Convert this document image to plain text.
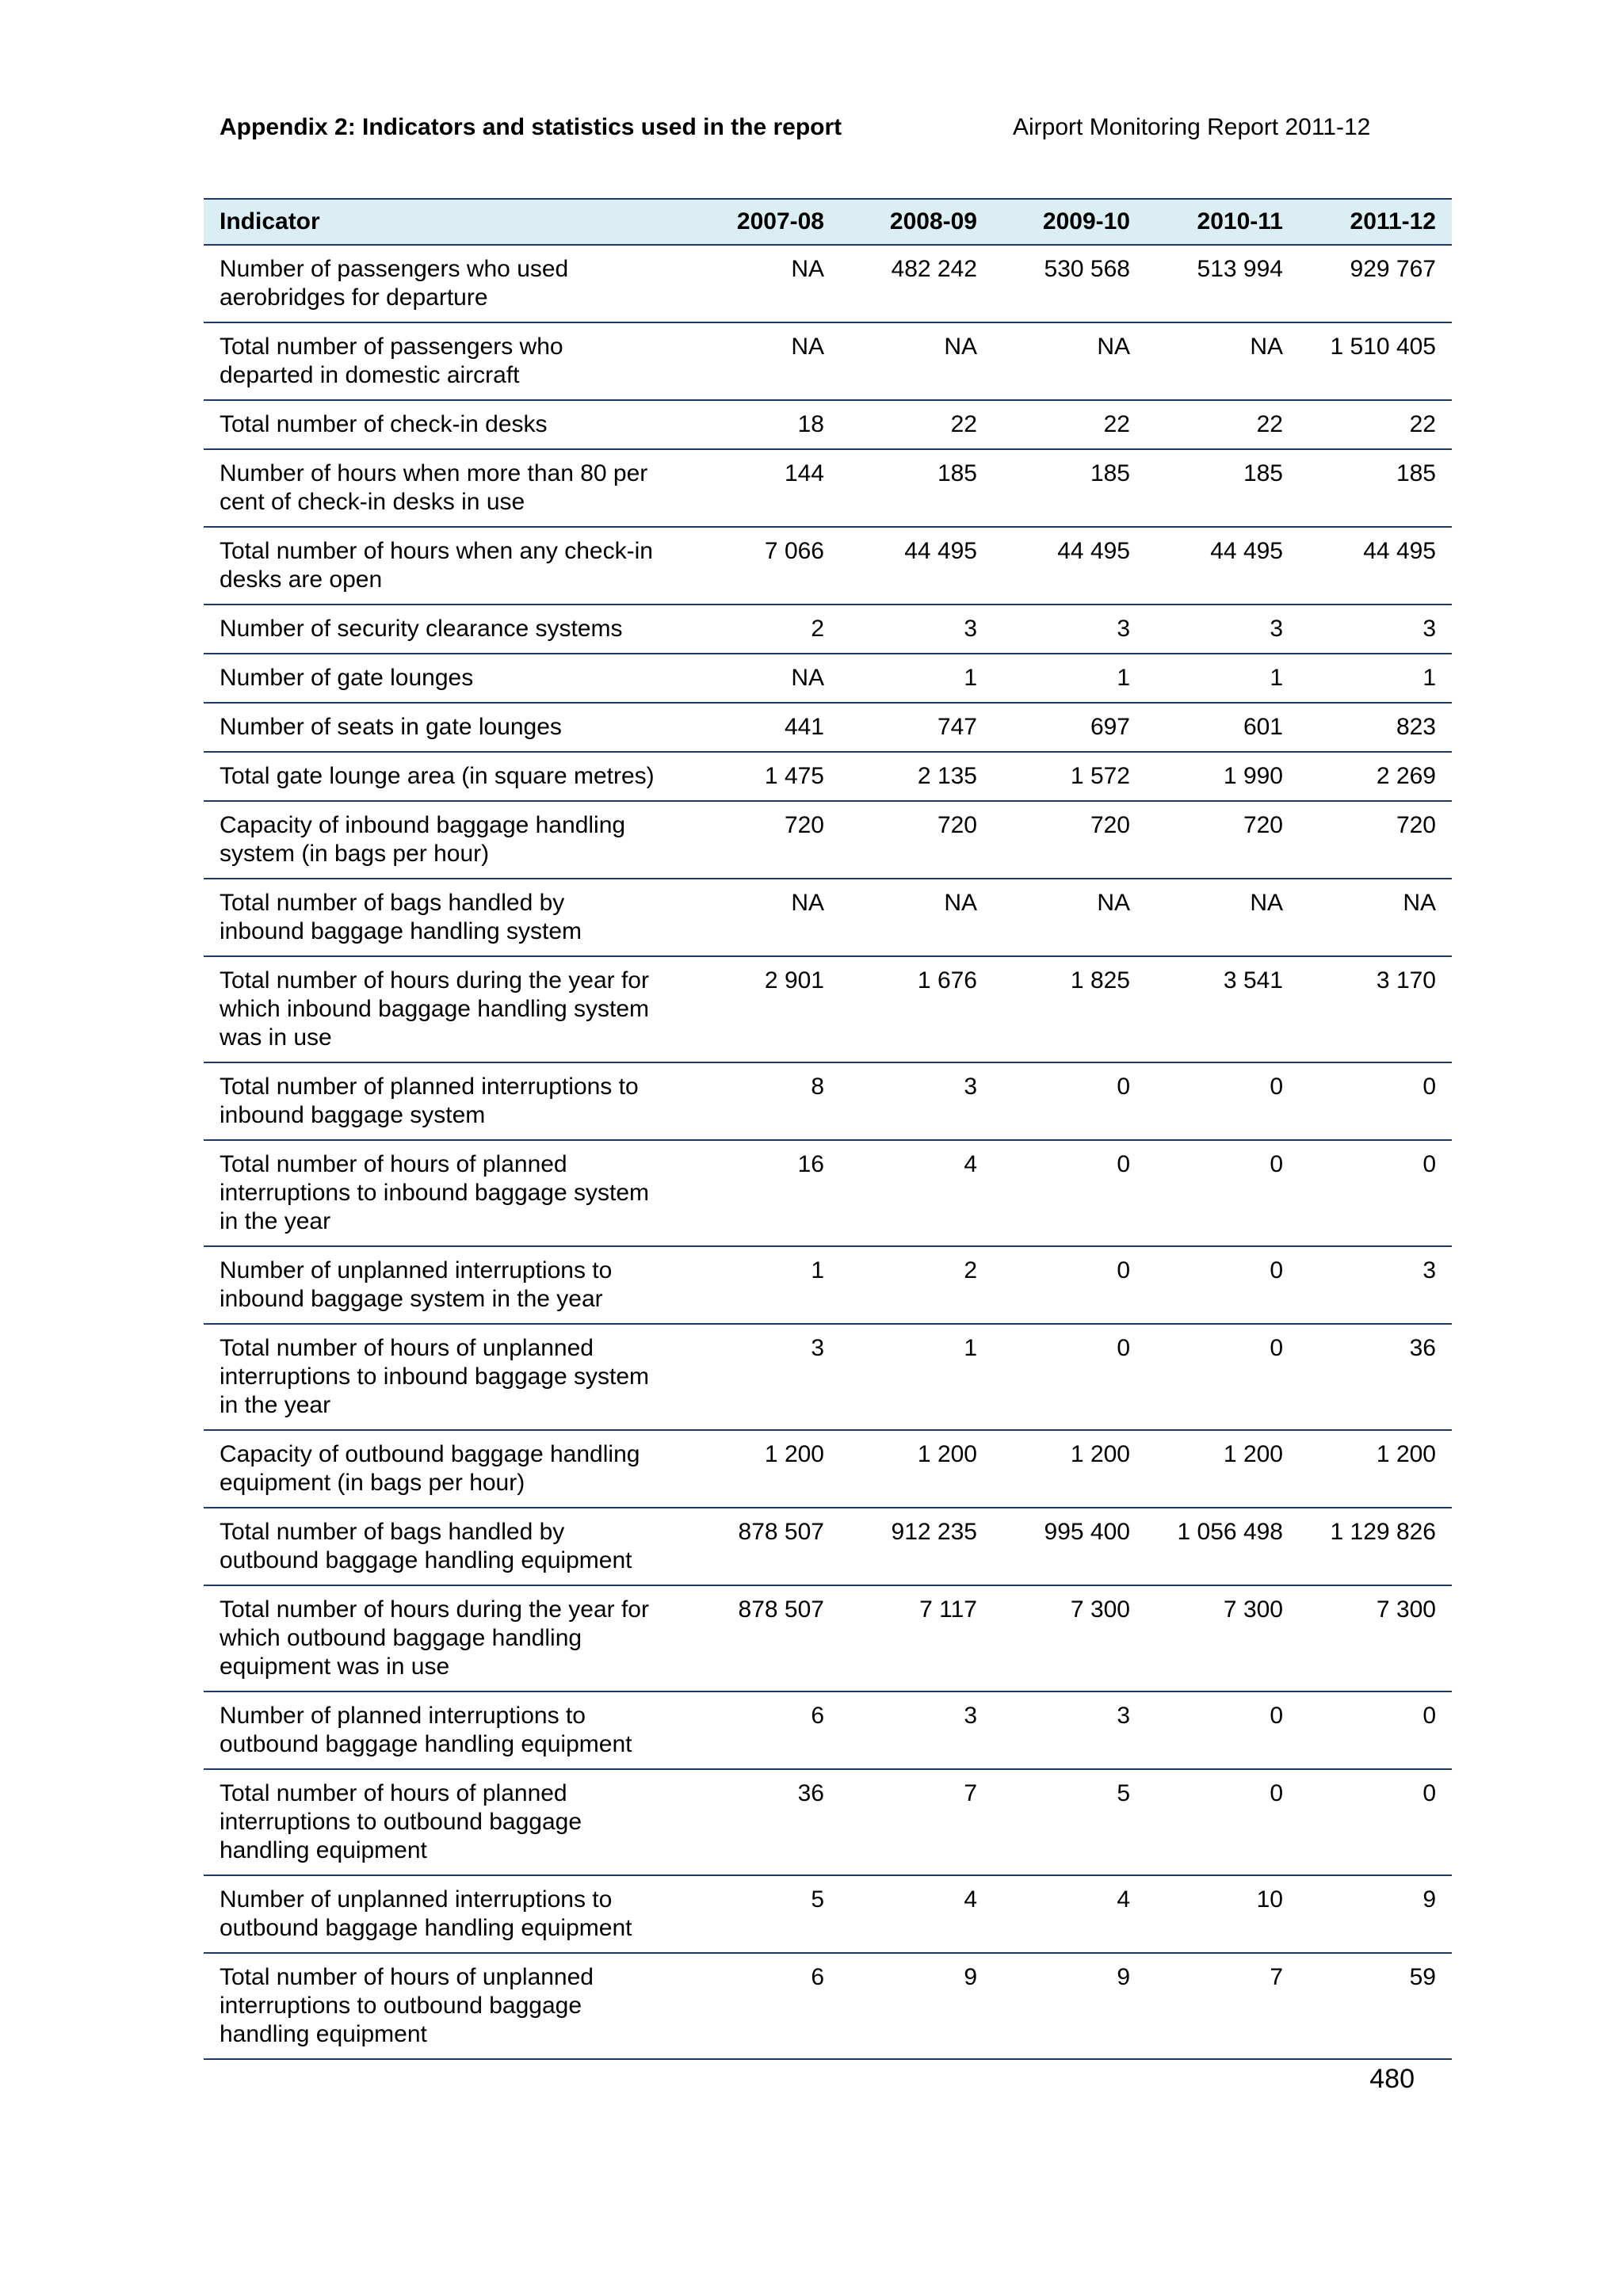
Appendix 2: Indicators and statistics used in the report	Airport Monitoring Report 2011-12
Indicator	2007-08	2008-09	2009-10	2010-11	2011-12
Number of passengers who used aerobridges for departure	NA	482 242	530 568	513 994	929 767
Total number of passengers who departed in domestic aircraft	NA	NA	NA	NA	1 510 405
Total number of check-in desks	18	22	22	22	22
Number of hours when more than 80 per cent of check-in desks in use	144	185	185	185	185
Total number of hours when any check-in desks are open	7 066	44 495	44 495	44 495	44 495
Number of security clearance systems	2	3	3	3	3
Number of gate lounges	NA	1	1	1	1
Number of seats in gate lounges	441	747	697	601	823
Total gate lounge area (in square metres)	1 475	2 135	1 572	1 990	2 269
Capacity of inbound baggage handling system (in bags per hour)	720	720	720	720	720
Total number of bags handled by inbound baggage handling system	NA	NA	NA	NA	NA
Total number of hours during the year for which inbound baggage handling system was in use	2 901	1 676	1 825	3 541	3 170
Total number of planned interruptions to inbound baggage system	8	3	0	0	0
Total number of hours of planned interruptions to inbound baggage system in the year	16	4	0	0	0
Number of unplanned interruptions to inbound baggage system in the year	1	2	0	0	3
Total number of hours of unplanned interruptions to inbound baggage system in the year	3	1	0	0	36
Capacity of outbound baggage handling equipment (in bags per hour)	1 200	1 200	1 200	1 200	1 200
Total number of bags handled by outbound baggage handling equipment	878 507	912 235	995 400	1 056 498	1 129 826
Total number of hours during the year for which outbound baggage handling equipment was in use	878 507	7 117	7 300	7 300	7 300
Number of planned interruptions to outbound baggage handling equipment	6	3	3	0	0
Total number of hours of planned interruptions to outbound baggage handling equipment	36	7	5	0	0
Number of unplanned interruptions to outbound baggage handling equipment	5	4	4	10	9
Total number of hours of unplanned interruptions to outbound baggage handling equipment	6	9	9	7	59
480
